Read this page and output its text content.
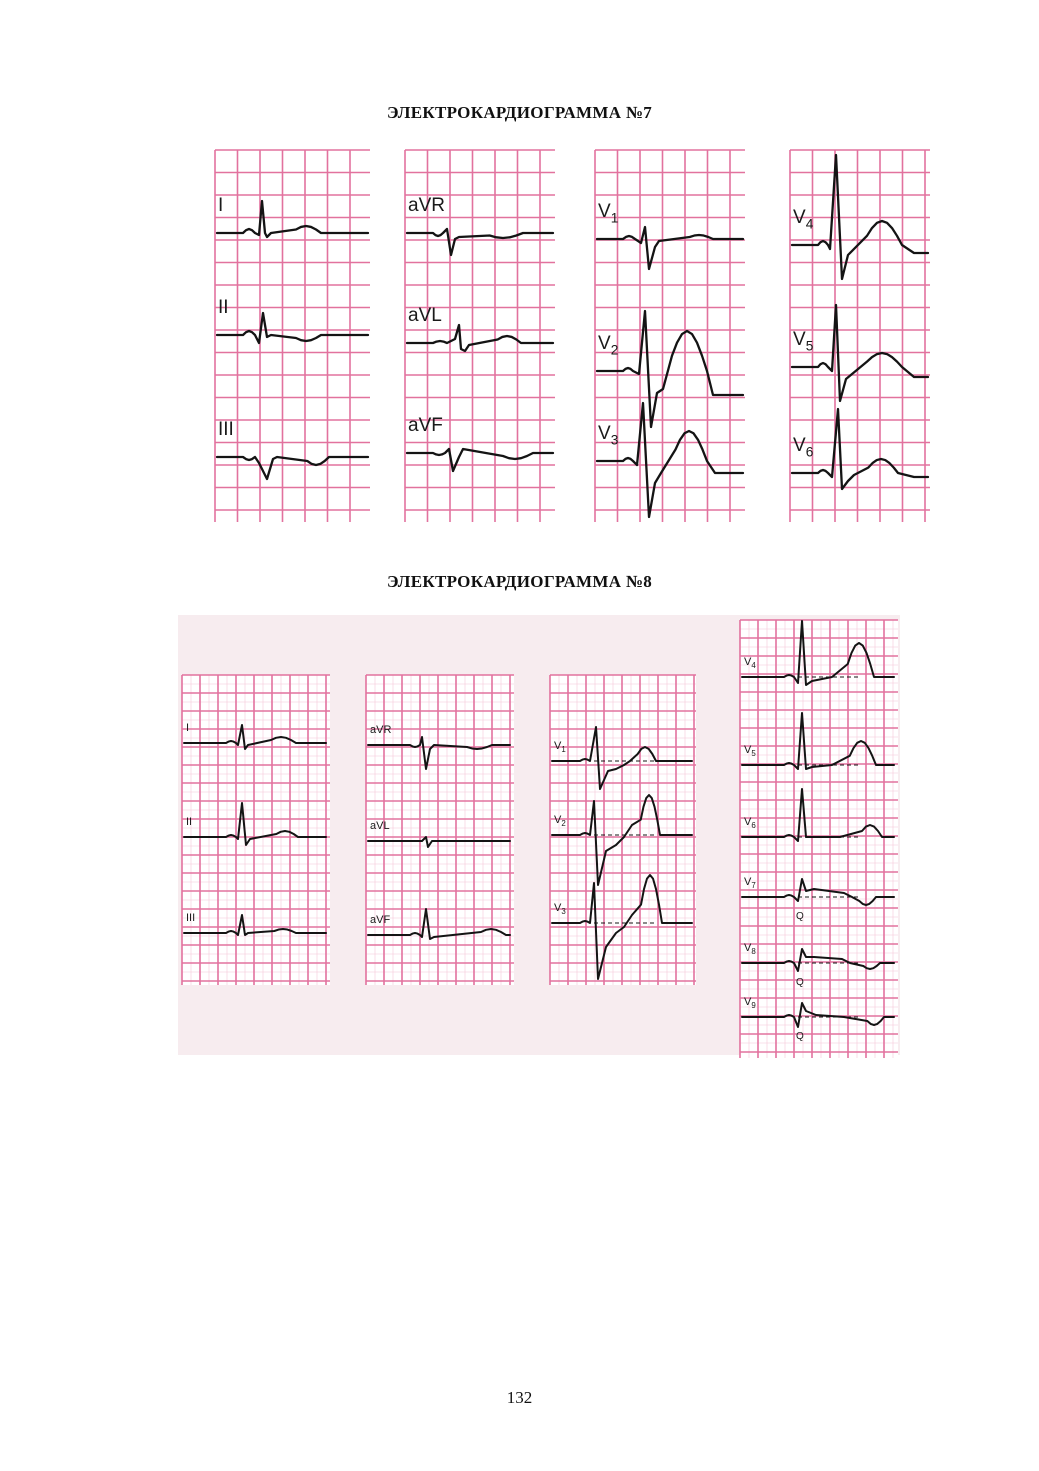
ЭЛЕКТРОКАРДИОГРАММА №7
I
II
III
aVR
aVL
aVF
$V_1$
$V_2$
$V_3$
$V_4$
$V_5$
$V_6$
ЭЛЕКТРОКАРДИОГРАММА №8
I
II
III
aVR
aVL
aVF
$V_1$
$V_2$
$V_3$
$V_4$
$V_5$
$V_6$
$V_7$
Q
$V_8$
Q
$V_9$
Q
132
